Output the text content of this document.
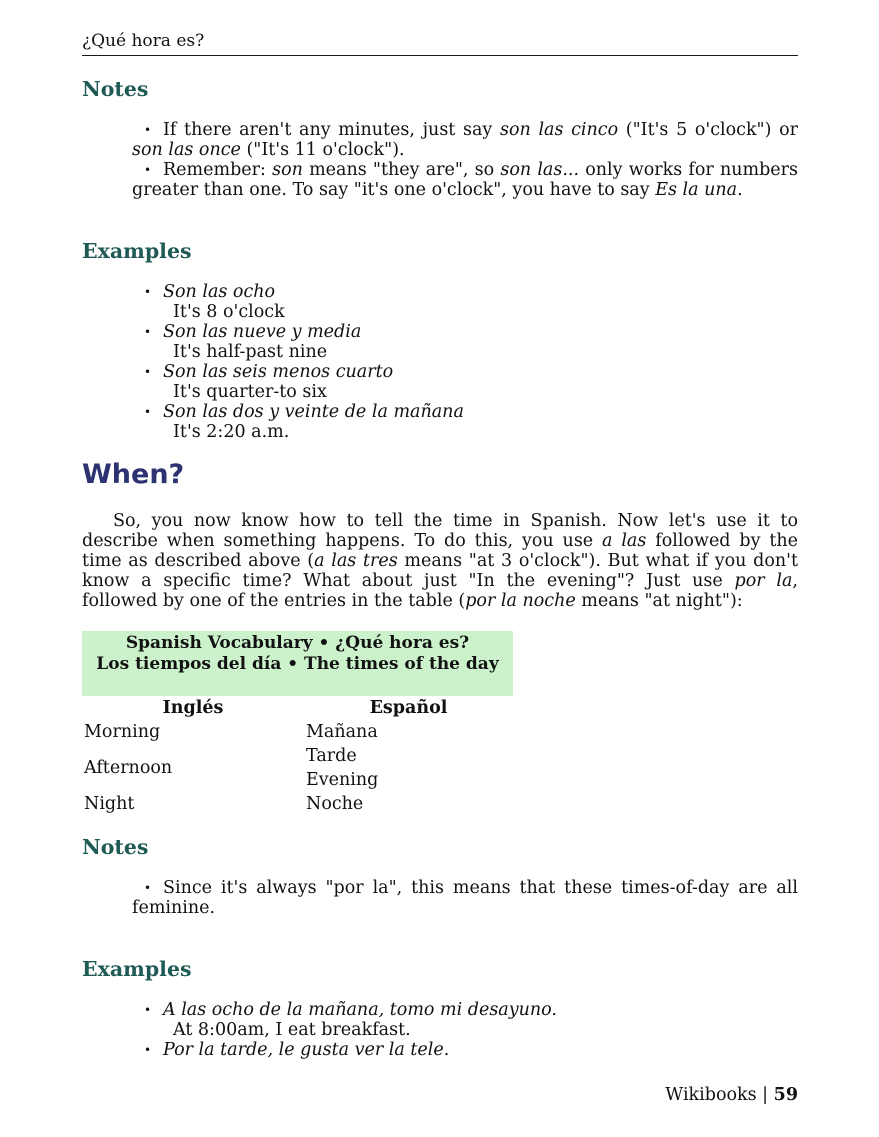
¿Qué hora es?
Notes
• If there aren't any minutes, just say son las cinco ("It's 5 o'clock") or son las once ("It's 11 o'clock").
• Remember: son means "they are", so son las... only works for numbers greater than one. To say "it's one o'clock", you have to say Es la una.
Examples
• Son las ocho
It's 8 o'clock
• Son las nueve y media
It's half-past nine
• Son las seis menos cuarto
It's quarter-to six
• Son las dos y veinte de la mañana
It's 2:20 a.m.
When?

So, you now know how to tell the time in Spanish. Now let's use it to describe when something happens. To do this, you use a las followed by the time as described above (a las tres means "at 3 o'clock"). But what if you don't know a specific time? What about just "In the evening"? Just use por la, followed by one of the entries in the table (por la noche means "at night"):

Spanish Vocabulary • ¿Qué hora es?
Los tiempos del día • The times of the day
Inglés	Español
Morning	Mañana
Afternoon	Tarde
	Evening
Night	Noche
Notes
• Since it's always "por la", this means that these times-of-day are all feminine.
Examples
• A las ocho de la mañana, tomo mi desayuno.
At 8:00am, I eat breakfast.
• Por la tarde, le gusta ver la tele.
Wikibooks | 59
